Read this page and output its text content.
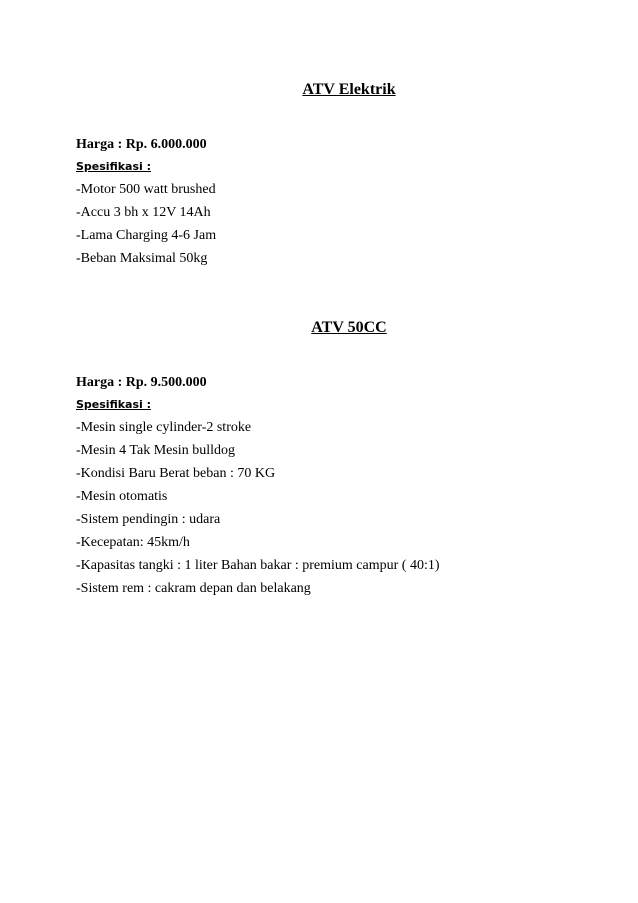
ATV Elektrik
Harga : Rp. 6.000.000
Spesifikasi :
-Motor 500 watt brushed
-Accu 3 bh x 12V 14Ah
-Lama Charging 4-6 Jam
-Beban Maksimal 50kg
ATV 50CC
Harga : Rp. 9.500.000
Spesifikasi :
-Mesin single cylinder-2 stroke
-Mesin 4 Tak Mesin bulldog
-Kondisi Baru Berat beban : 70 KG
-Mesin otomatis
-Sistem pendingin : udara
-Kecepatan: 45km/h
-Kapasitas tangki : 1 liter Bahan bakar : premium campur ( 40:1)
-Sistem rem : cakram depan dan belakang
